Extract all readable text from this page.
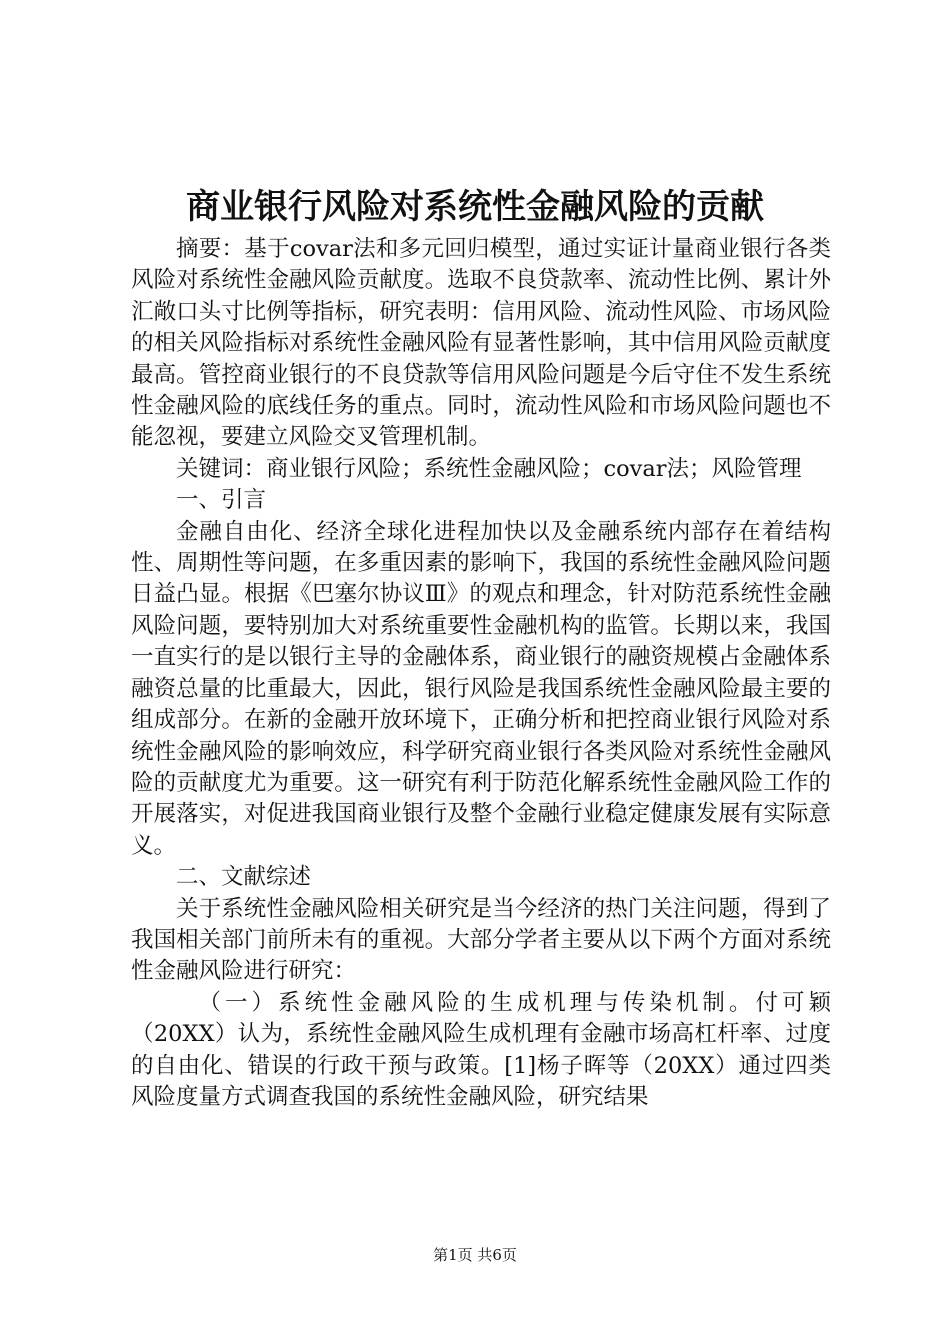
商业银行风险对系统性金融风险的贡献

摘要：基于covar法和多元回归模型，通过实证计量商业银行各类风险对系统性金融风险贡献度。选取不良贷款率、流动性比例、累计外汇敞口头寸比例等指标，研究表明：信用风险、流动性风险、市场风险的相关风险指标对系统性金融风险有显著性影响，其中信用风险贡献度最高。管控商业银行的不良贷款等信用风险问题是今后守住不发生系统性金融风险的底线任务的重点。同时，流动性风险和市场风险问题也不能忽视，要建立风险交叉管理机制。

关键词：商业银行风险；系统性金融风险；covar法；风险管理

一、引言

金融自由化、经济全球化进程加快以及金融系统内部存在着结构性、周期性等问题，在多重因素的影响下，我国的系统性金融风险问题日益凸显。根据《巴塞尔协议Ⅲ》的观点和理念，针对防范系统性金融风险问题，要特别加大对系统重要性金融机构的监管。长期以来，我国一直实行的是以银行主导的金融体系，商业银行的融资规模占金融体系融资总量的比重最大，因此，银行风险是我国系统性金融风险最主要的组成部分。在新的金融开放环境下，正确分析和把控商业银行风险对系统性金融风险的影响效应，科学研究商业银行各类风险对系统性金融风险的贡献度尤为重要。这一研究有利于防范化解系统性金融风险工作的开展落实，对促进我国商业银行及整个金融行业稳定健康发展有实际意义。

二、文献综述

关于系统性金融风险相关研究是当今经济的热门关注问题，得到了我国相关部门前所未有的重视。大部分学者主要从以下两个方面对系统性金融风险进行研究：

（一）系统性金融风险的生成机理与传染机制。付可颖（20XX）认为，系统性金融风险生成机理有金融市场高杠杆率、过度的自由化、错误的行政干预与政策。[1]杨子晖等（20XX）通过四类风险度量方式调查我国的系统性金融风险，研究结果

第1页 共6页
